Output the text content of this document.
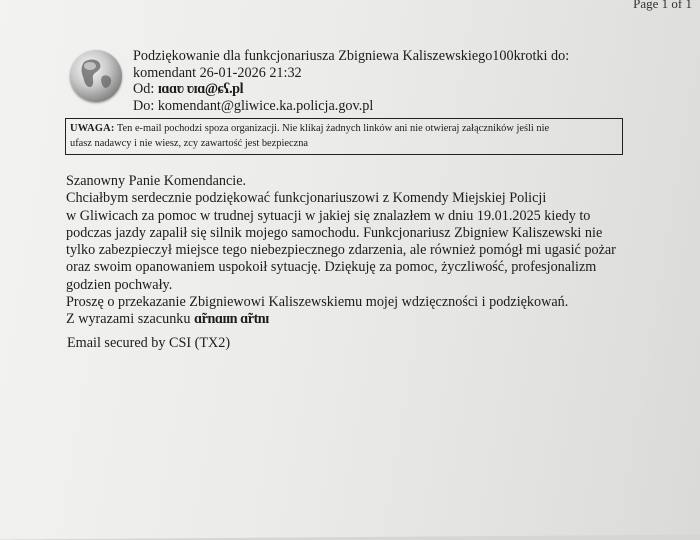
Page 1 of 1
Podziękowanie dla funkcjonariusza Zbigniewa Kaliszewskiego100krotki do:
komendant 26-01-2026 21:32
Od: ɪɑɑʋ ʋɪɑ@ɕʕ.pl
Do: komendant@gliwice.ka.policja.gov.pl
UWAGA: Ten e-mail pochodzi spoza organizacji. Nie klikaj żadnych linków ani nie otwieraj załączników jeśli nie
ufasz nadawcy i nie wiesz, zcy zawartość jest bezpieczna
Szanowny Panie Komendancie.
Chciałbym serdecznie podziękować funkcjonariuszowi z Komendy Miejskiej Policji
w Gliwicach za pomoc w trudnej sytuacji w jakiej się znalazłem w dniu 19.01.2025 kiedy to
podczas jazdy zapalił się silnik mojego samochodu. Funkcjonariusz Zbigniew Kaliszewski nie
tylko zabezpieczył miejsce tego niebezpiecznego zdarzenia, ale również pomógł mi ugasić pożar
oraz swoim opanowaniem uspokoił sytuację. Dziękuję za pomoc, życzliwość, profesjonalizm
godzien pochwały.
Proszę o przekazanie Zbigniewowi Kaliszewskiemu mojej wdzięczności i podziękowań.
Z wyrazami szacunku ɑ̃rnɑɪɪn ɑ̃rtnɪ
Email secured by CSI (TX2)
